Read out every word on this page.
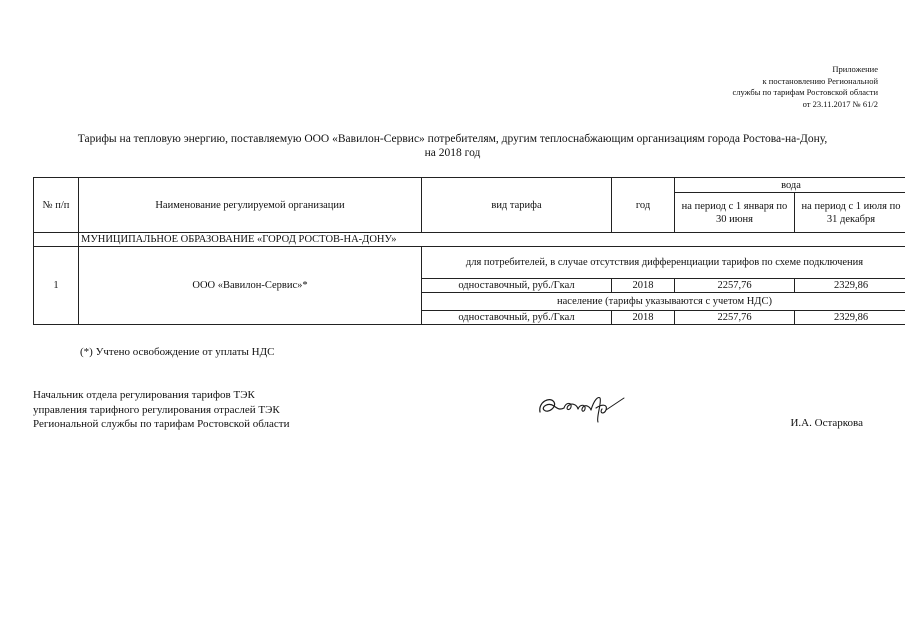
Приложение
к постановлению Региональной
службы по тарифам Ростовской области
от 23.11.2017 № 61/2
Тарифы на тепловую энергию, поставляемую ООО «Вавилон-Сервис» потребителям, другим теплоснабжающим организациям города Ростова-на-Дону,
на 2018 год
№ п/п	Наименование регулируемой организации	вид тарифа	год	вода	
				на период с 1 января по 30 июня	на период с 1 июля по 31 декабря
	МУНИЦИПАЛЬНОЕ ОБРАЗОВАНИЕ «ГОРОД РОСТОВ-НА-ДОНУ»				
1	ООО «Вавилон-Сервис»*	для потребителей, в случае отсутствия дифференциации тарифов по схеме подключения			
		одноставочный, руб./Гкал	2018	2257,76	2329,86
		население (тарифы указываются с учетом НДС)			
		одноставочный, руб./Гкал	2018	2257,76	2329,86
(*) Учтено освобождение от уплаты НДС
Начальник отдела регулирования тарифов ТЭК
управления тарифного регулирования отраслей ТЭК
Региональной службы по тарифам Ростовской области	И.А. Остаркова
